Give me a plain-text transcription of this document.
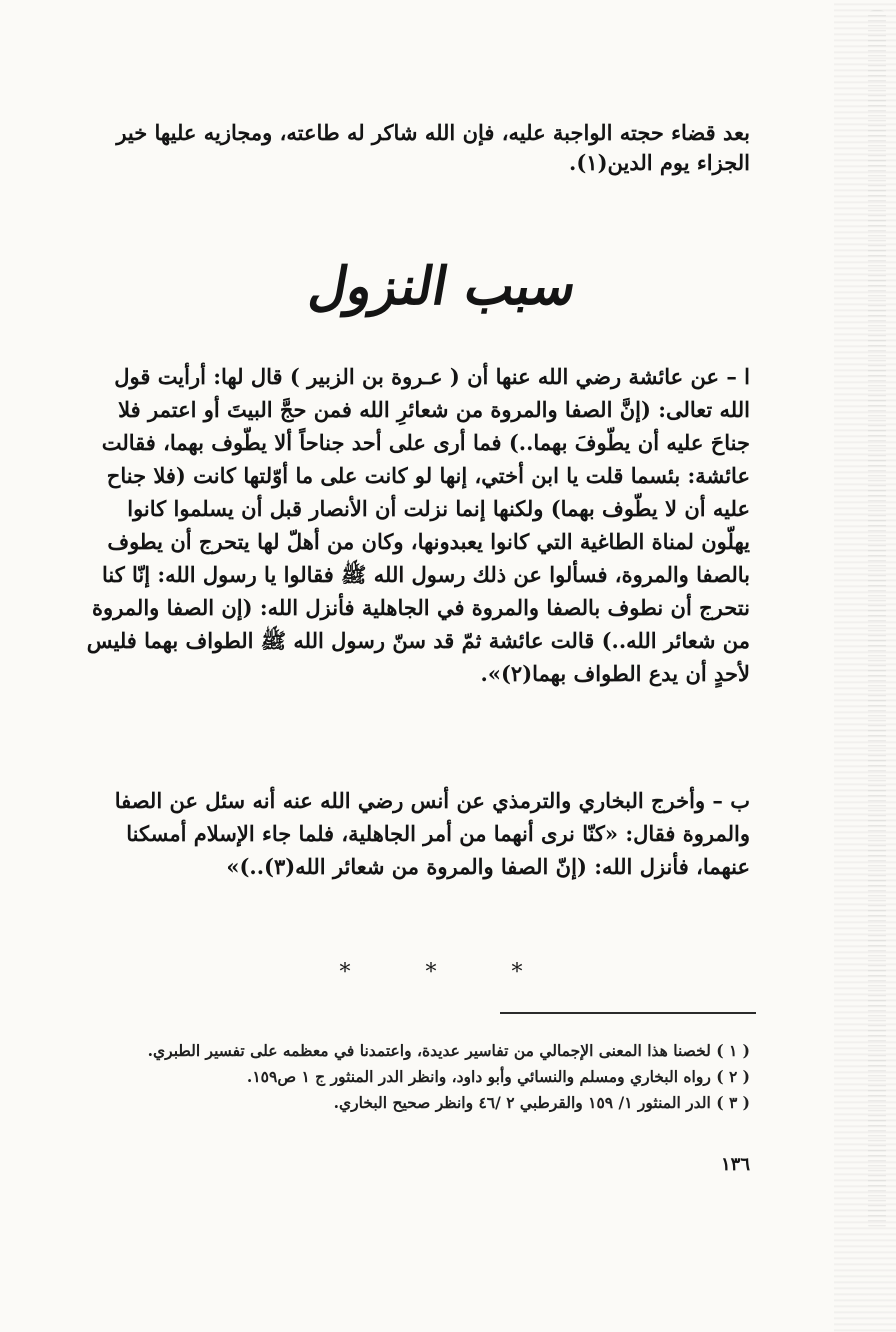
بعد قضاء حجته الواجبة عليه، فإن الله شاكر له طاعته، ومجازيه عليها خير الجزاء يوم الدين(١).
سبب النزول
ا – عن عائشة رضي الله عنها أن ( عـروة بن الزبير ) قال لها: أرأيت قول الله تعالى: (إنَّ الصفا والمروة من شعائرِ الله فمن حجَّ البيتَ أو اعتمر فلا جناحَ عليه أن يطّوفَ بهما..) فما أرى على أحد جناحاً ألا يطّوف بهما، فقالت عائشة: بئسما قلت يا ابن أختي، إنها لو كانت على ما أوّلتها كانت (فلا جناح عليه أن لا يطّوف بهما) ولكنها إنما نزلت أن الأنصار قبل أن يسلموا كانوا يهلّون لمناة الطاغية التي كانوا يعبدونها، وكان من أهلّ لها يتحرج أن يطوف بالصفا والمروة، فسألوا عن ذلك رسول الله ﷺ فقالوا يا رسول الله: إنّا كنا نتحرج أن نطوف بالصفا والمروة في الجاهلية فأنزل الله: (إن الصفا والمروة من شعائر الله..) قالت عائشة ثمّ قد سنّ رسول الله ﷺ الطواف بهما فليس لأحدٍ أن يدع الطواف بهما(٢)».
ب – وأخرج البخاري والترمذي عن أنس رضي الله عنه أنه سئل عن الصفا والمروة فقال: «كنّا نرى أنهما من أمر الجاهلية، فلما جاء الإسلام أمسكنا عنهما، فأنزل الله: (إنّ الصفا والمروة من شعائر الله(٣)..)»
* * *
( ١ ) لخصنا هذا المعنى الإجمالي من تفاسير عديدة، واعتمدنا في معظمه على تفسير الطبري.
( ٢ ) رواه البخاري ومسلم والنسائي وأبو داود، وانظر الدر المنثور ج ١ ص١٥٩.
( ٣ ) الدر المنثور ١/ ١٥٩ والقرطبي ٢ /٤٦ وانظر صحيح البخاري.
١٣٦
